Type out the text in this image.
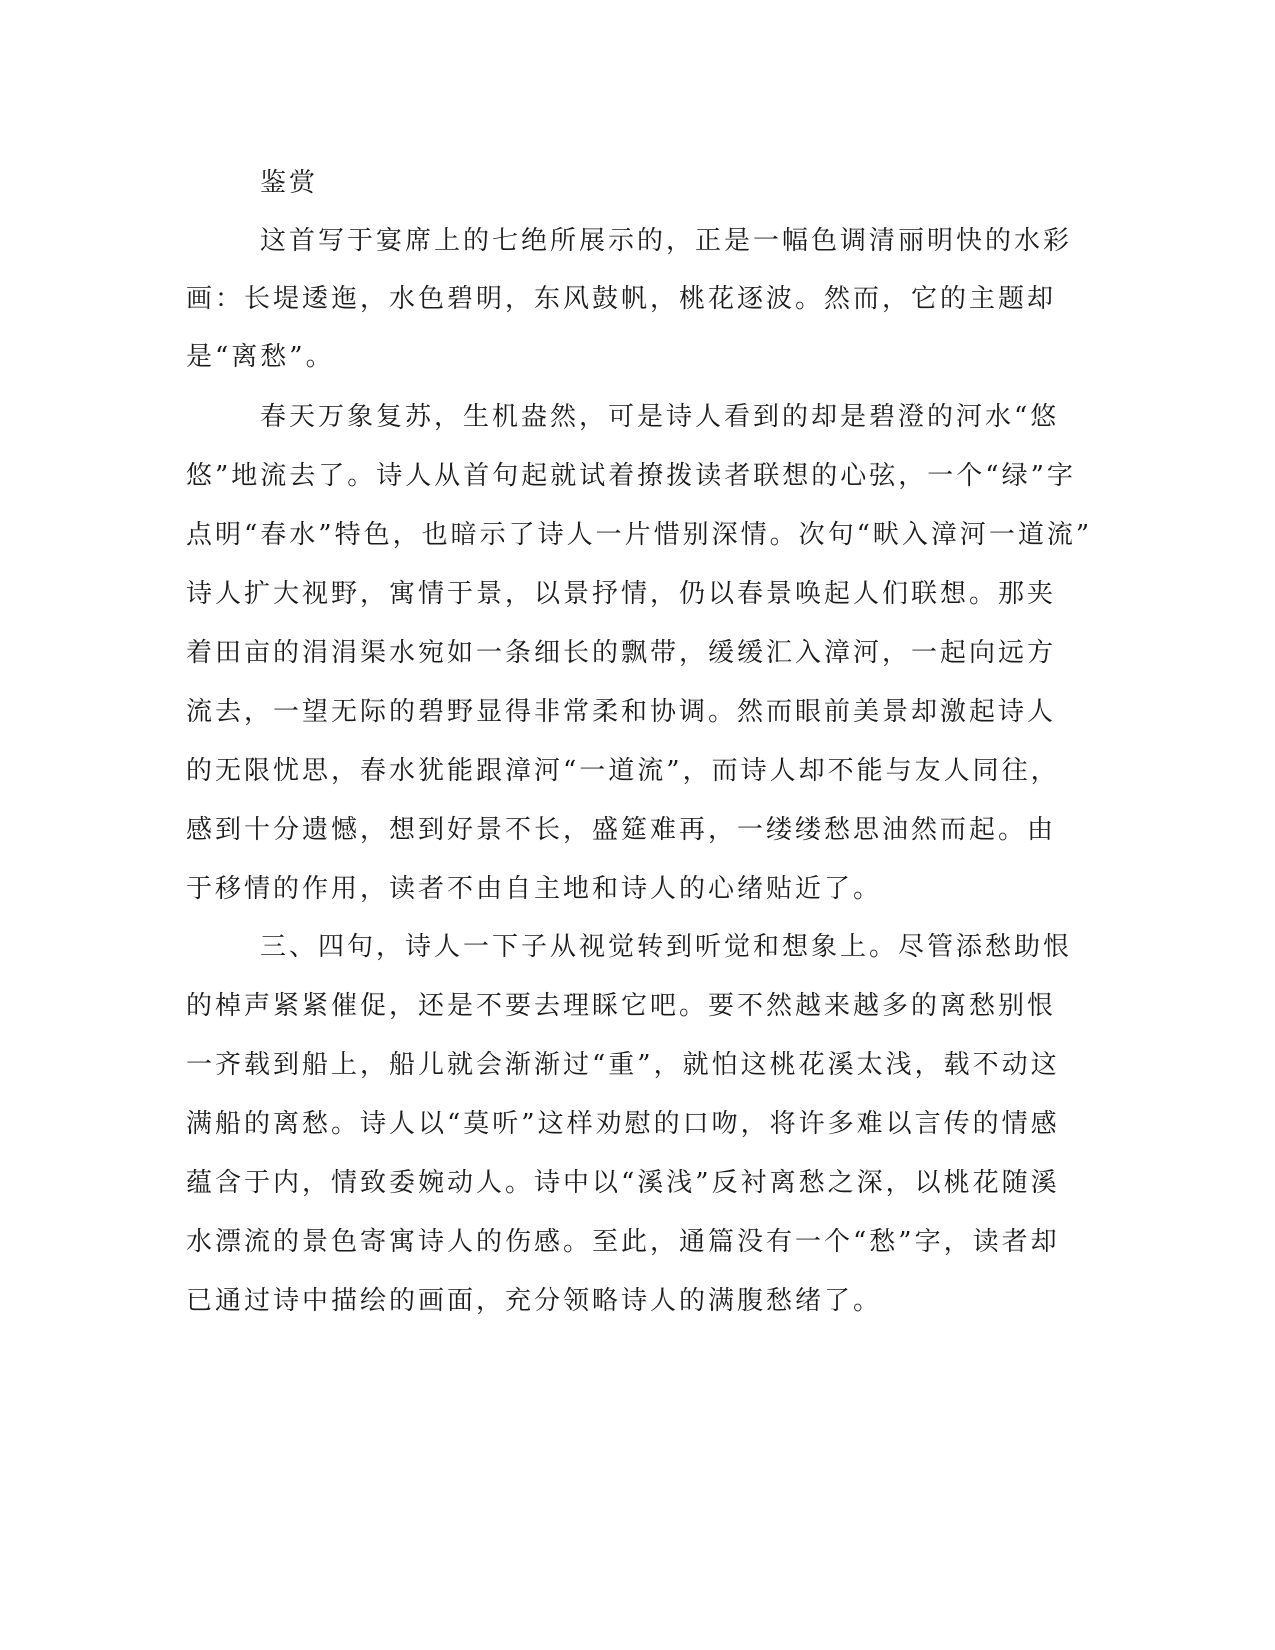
鉴赏
这首写于宴席上的七绝所展示的，正是一幅色调清丽明快的水彩
画：长堤逶迤，水色碧明，东风鼓帆，桃花逐波。然而，它的主题却
是“离愁”。
春天万象复苏，生机盎然，可是诗人看到的却是碧澄的河水“悠
悠”地流去了。诗人从首句起就试着撩拨读者联想的心弦，一个“绿”字
点明“春水”特色，也暗示了诗人一片惜别深情。次句“畎入漳河一道流”
诗人扩大视野，寓情于景，以景抒情，仍以春景唤起人们联想。那夹
着田亩的涓涓渠水宛如一条细长的飘带，缓缓汇入漳河，一起向远方
流去，一望无际的碧野显得非常柔和协调。然而眼前美景却激起诗人
的无限忧思，春水犹能跟漳河“一道流”，而诗人却不能与友人同往，
感到十分遗憾，想到好景不长，盛筵难再，一缕缕愁思油然而起。由
于移情的作用，读者不由自主地和诗人的心绪贴近了。
三、四句，诗人一下子从视觉转到听觉和想象上。尽管添愁助恨
的棹声紧紧催促，还是不要去理睬它吧。要不然越来越多的离愁别恨
一齐载到船上，船儿就会渐渐过“重”，就怕这桃花溪太浅，载不动这
满船的离愁。诗人以“莫听”这样劝慰的口吻，将许多难以言传的情感
蕴含于内，情致委婉动人。诗中以“溪浅”反衬离愁之深，以桃花随溪
水漂流的景色寄寓诗人的伤感。至此，通篇没有一个“愁”字，读者却
已通过诗中描绘的画面，充分领略诗人的满腹愁绪了。
